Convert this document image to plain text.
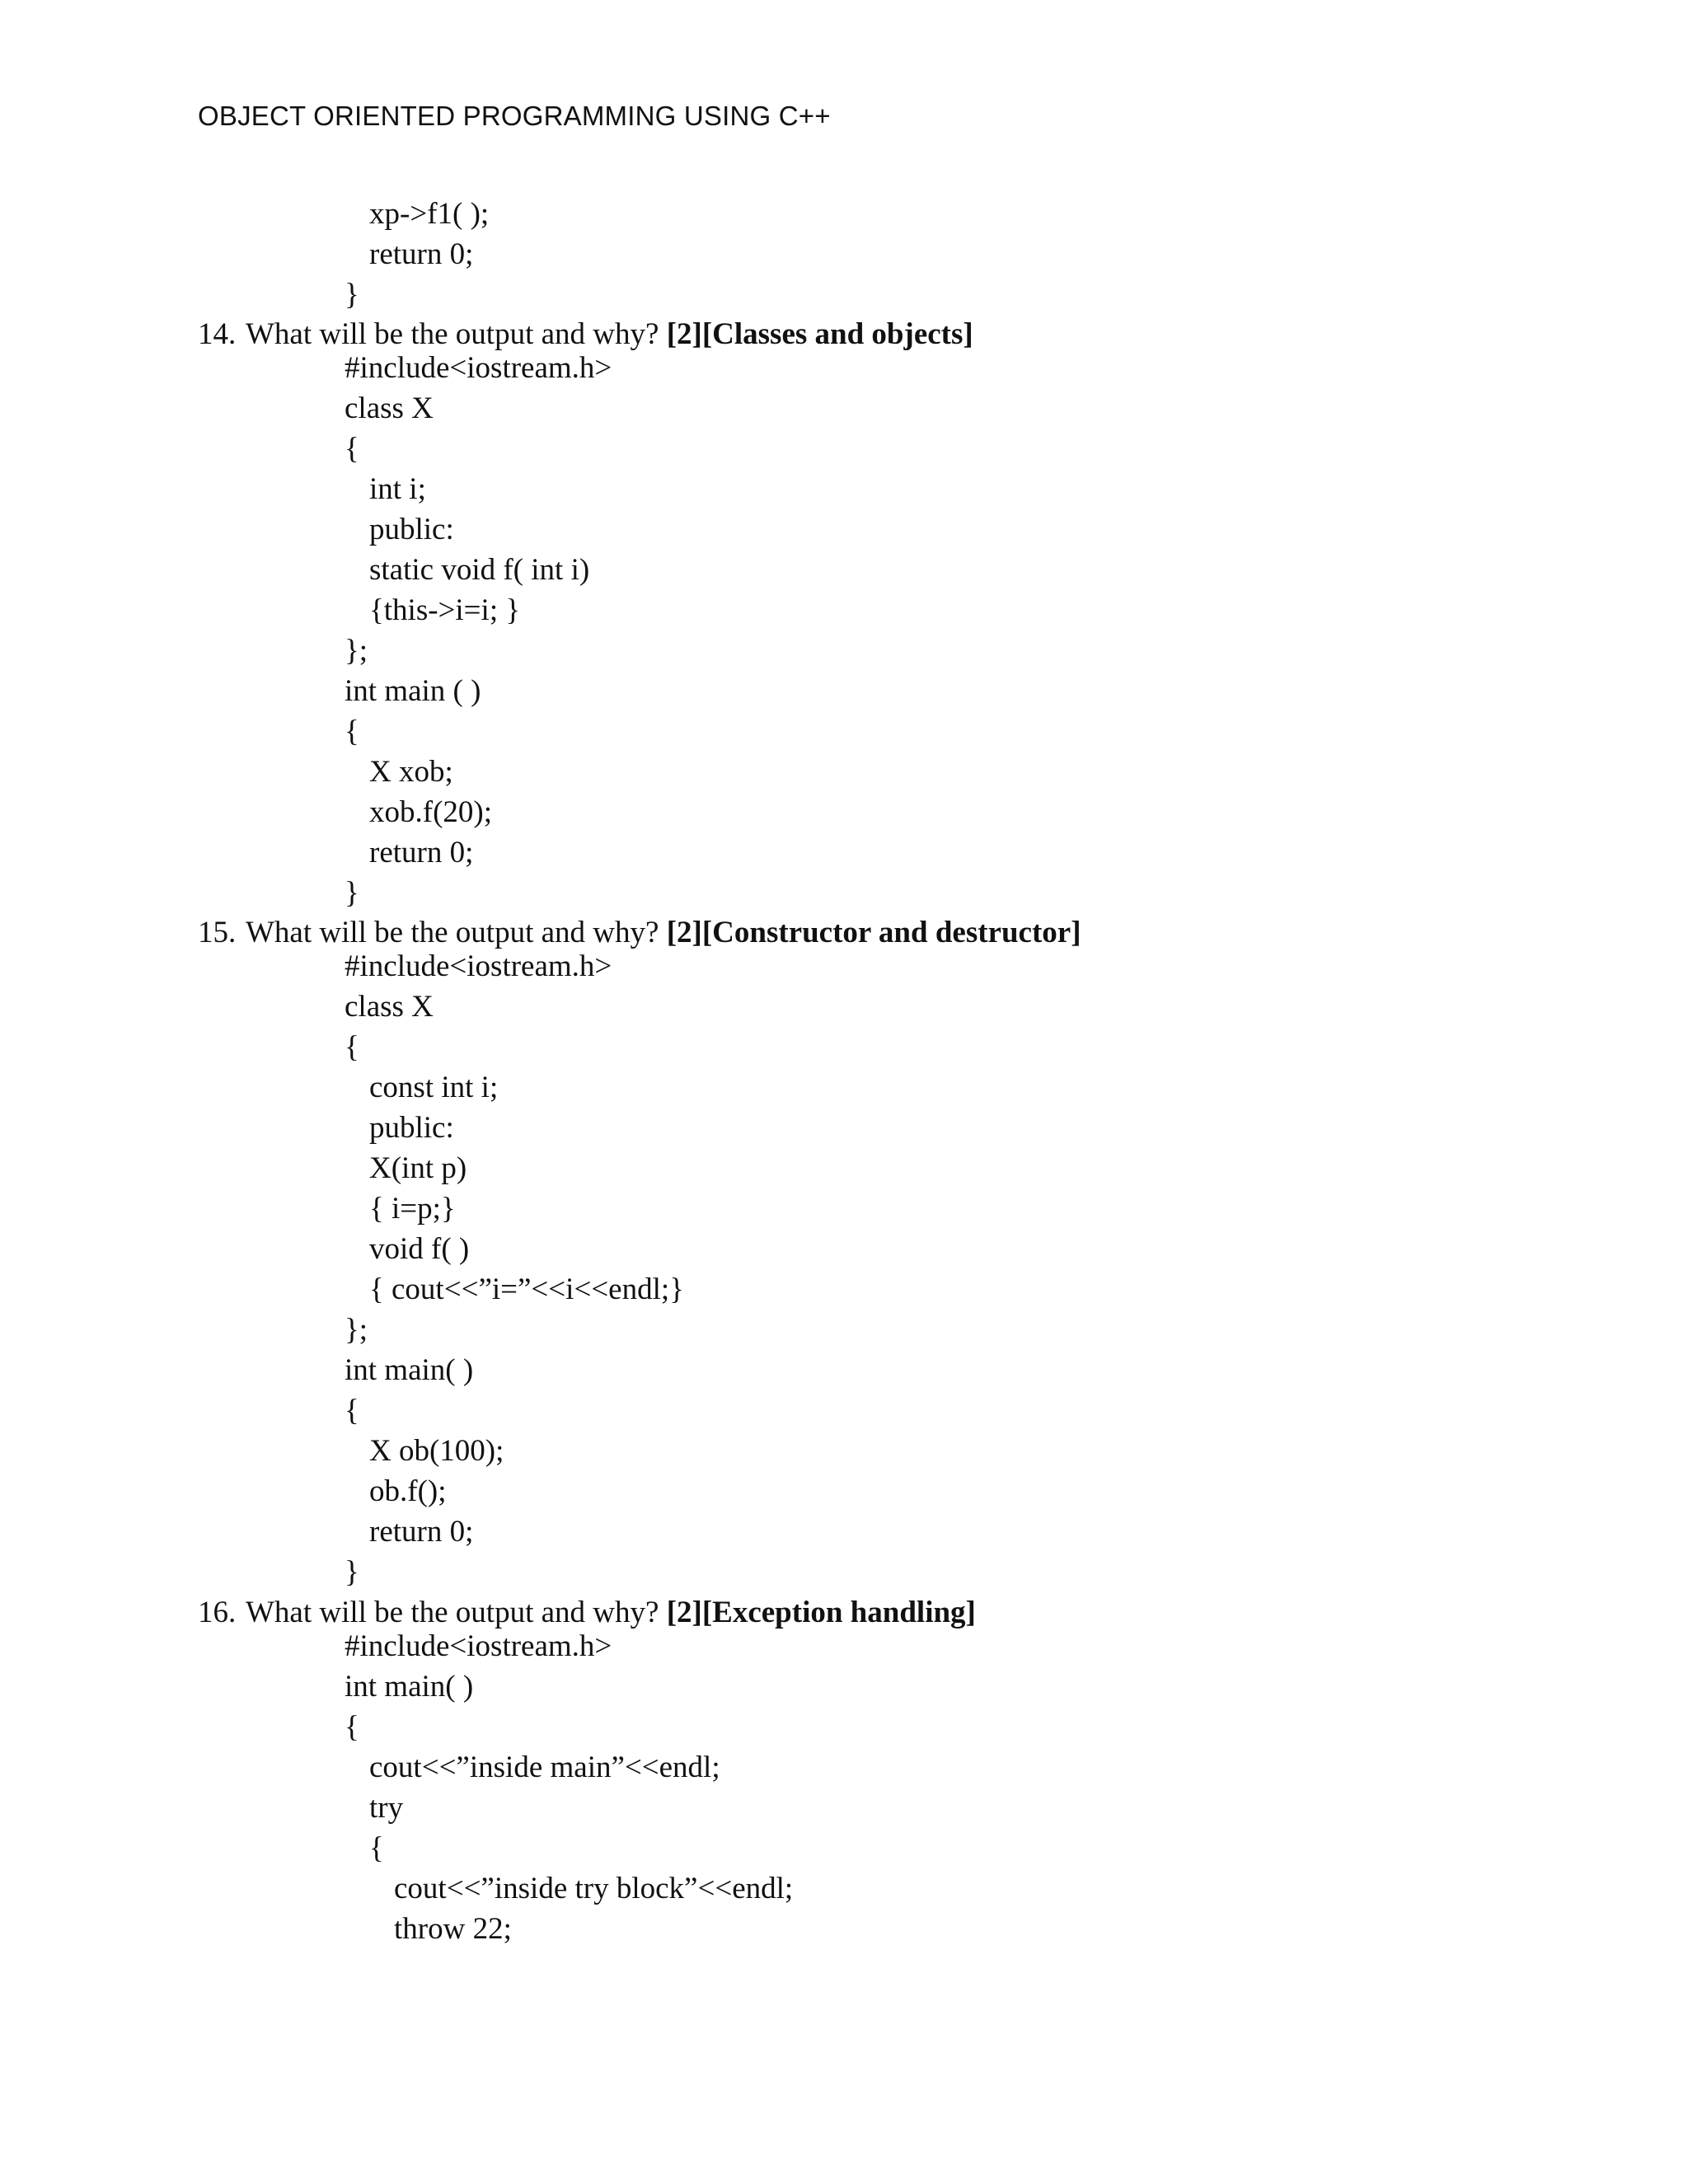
OBJECT ORIENTED PROGRAMMING USING C++
xp->f1( );
return 0;
}
14. What will be the output and why? [2][Classes and objects]
#include<iostream.h>
class X
{
int i;
public:
static void f( int i)
{this->i=i; }
};
int main ( )
{
X xob;
xob.f(20);
return 0;
}
15. What will be the output and why? [2][Constructor and destructor]
#include<iostream.h>
class X
{
const int i;
public:
X(int p)
{ i=p;}
void f( )
{ cout<<”i=”<<i<<endl;}
};
int main( )
{
X ob(100);
ob.f();
return 0;
}
16. What will be the output and why? [2][Exception handling]
#include<iostream.h>
int main( )
{
cout<<”inside main”<<endl;
try
{
cout<<”inside try block”<<endl;
throw 22;
